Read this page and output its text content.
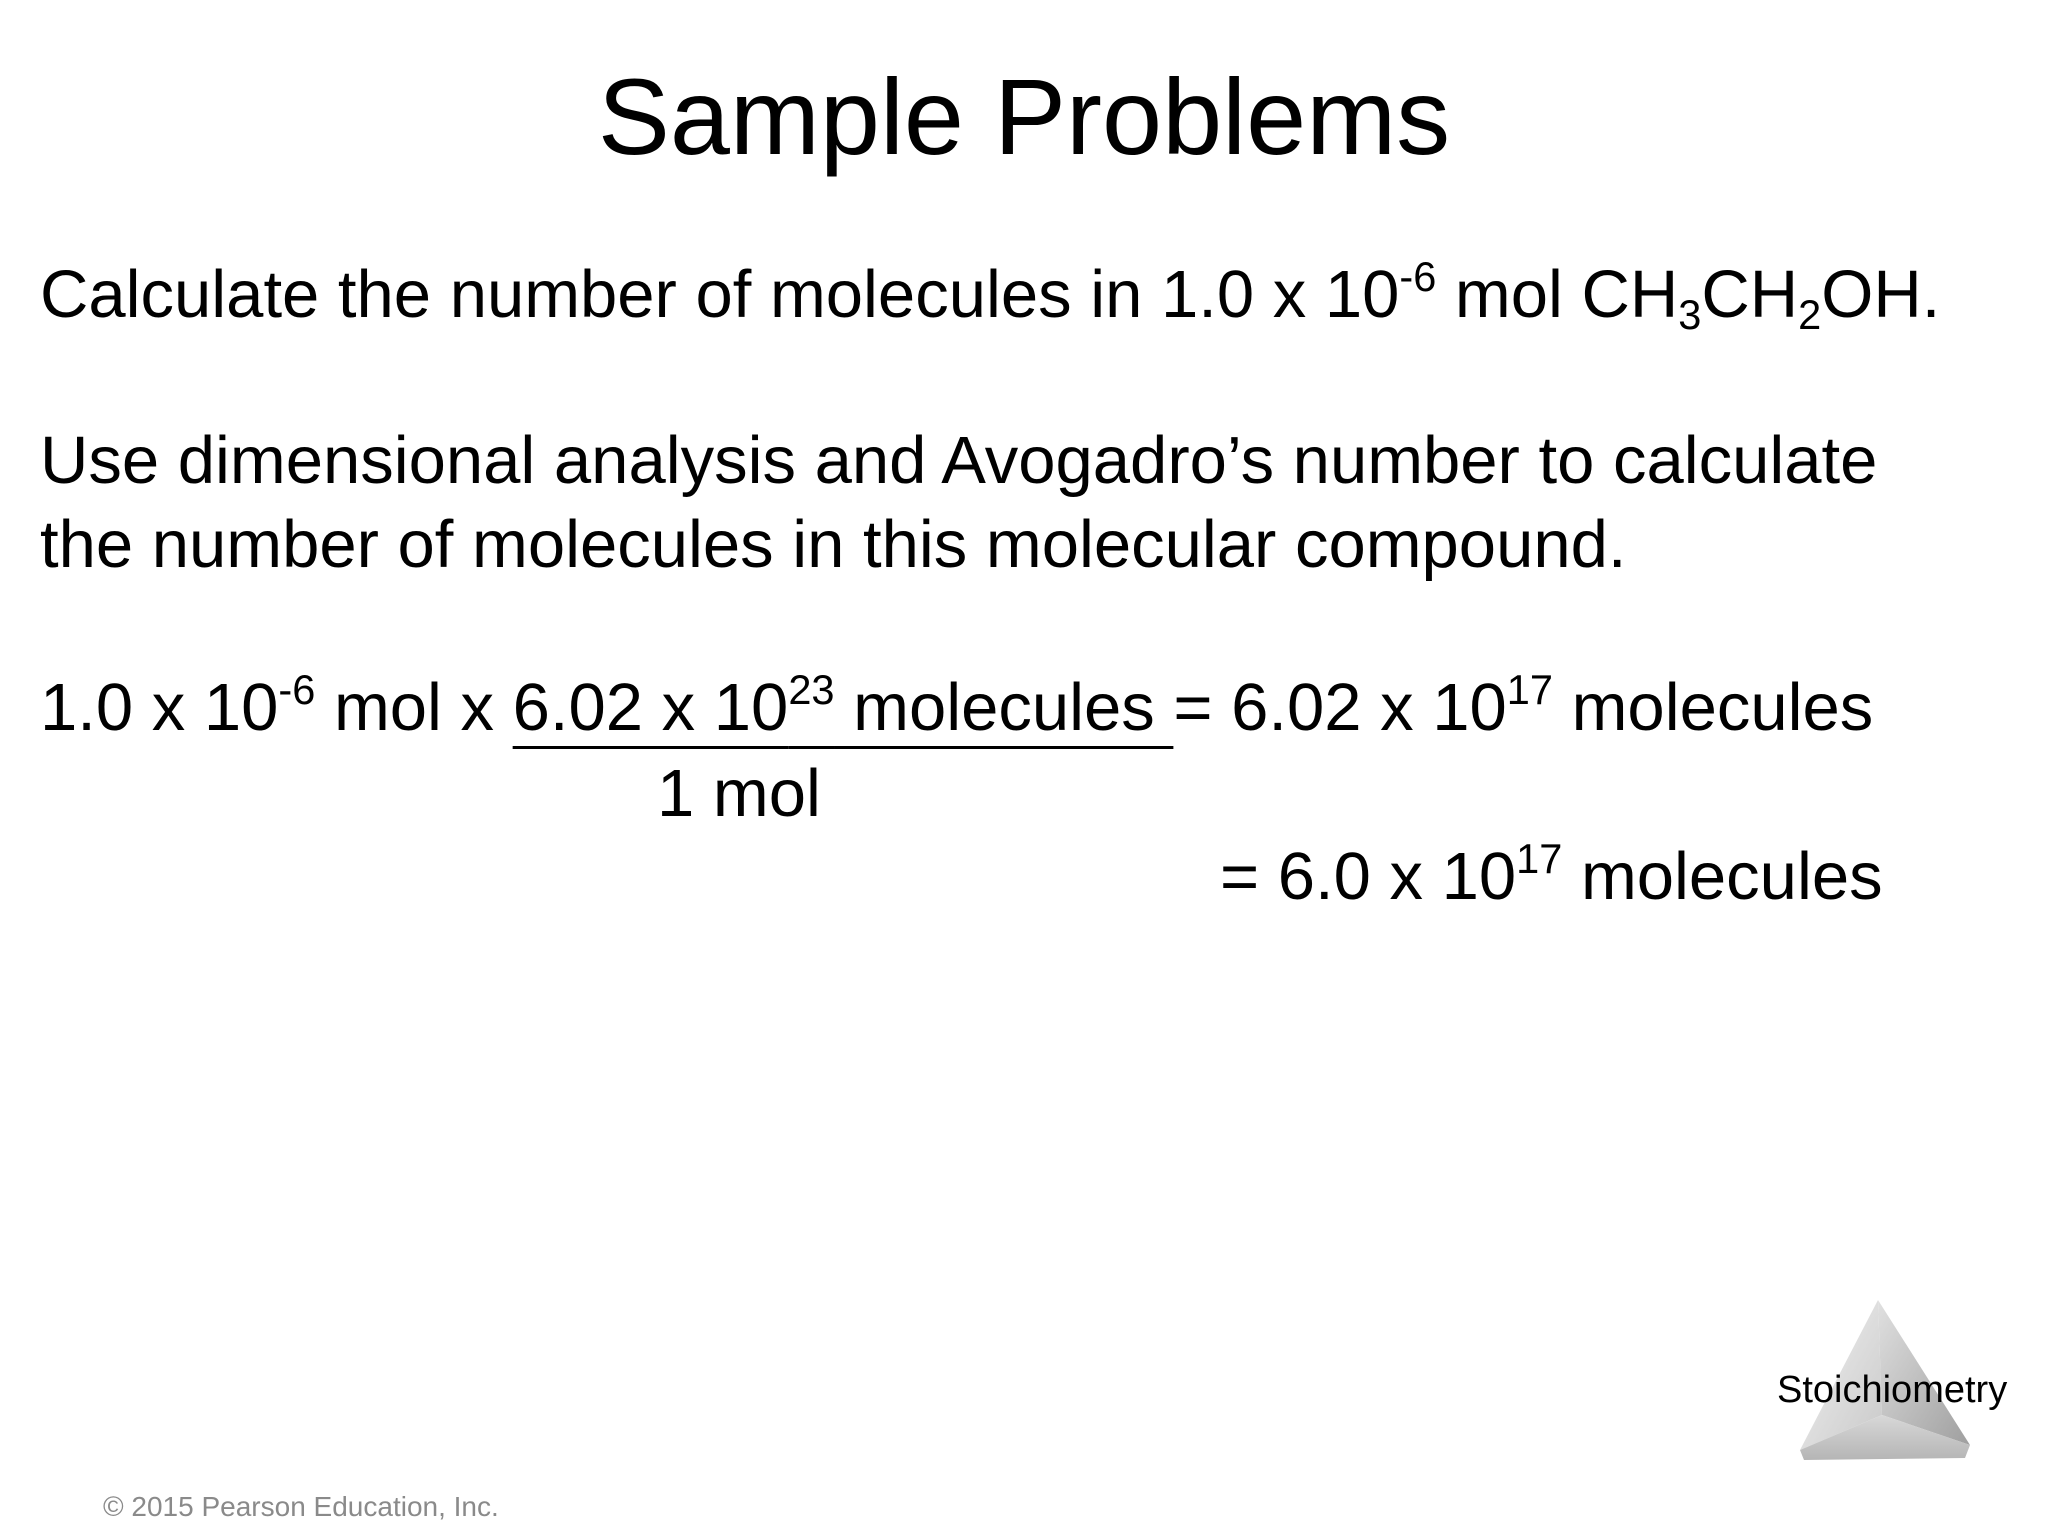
Sample Problems
Calculate the number of molecules in 1.0 x $10^{-6}$ mol $CH_3CH_2OH$.
Use dimensional analysis and Avogadro’s number to calculate
the number of molecules in this molecular compound.
1.0 x $10^{-6}$ mol x 6.02 x $10^{23}$ molecules = 6.02 x $10^{17}$ molecules
1 mol
= 6.0 x $10^{17}$ molecules
Stoichiometry
© 2015 Pearson Education, Inc.
